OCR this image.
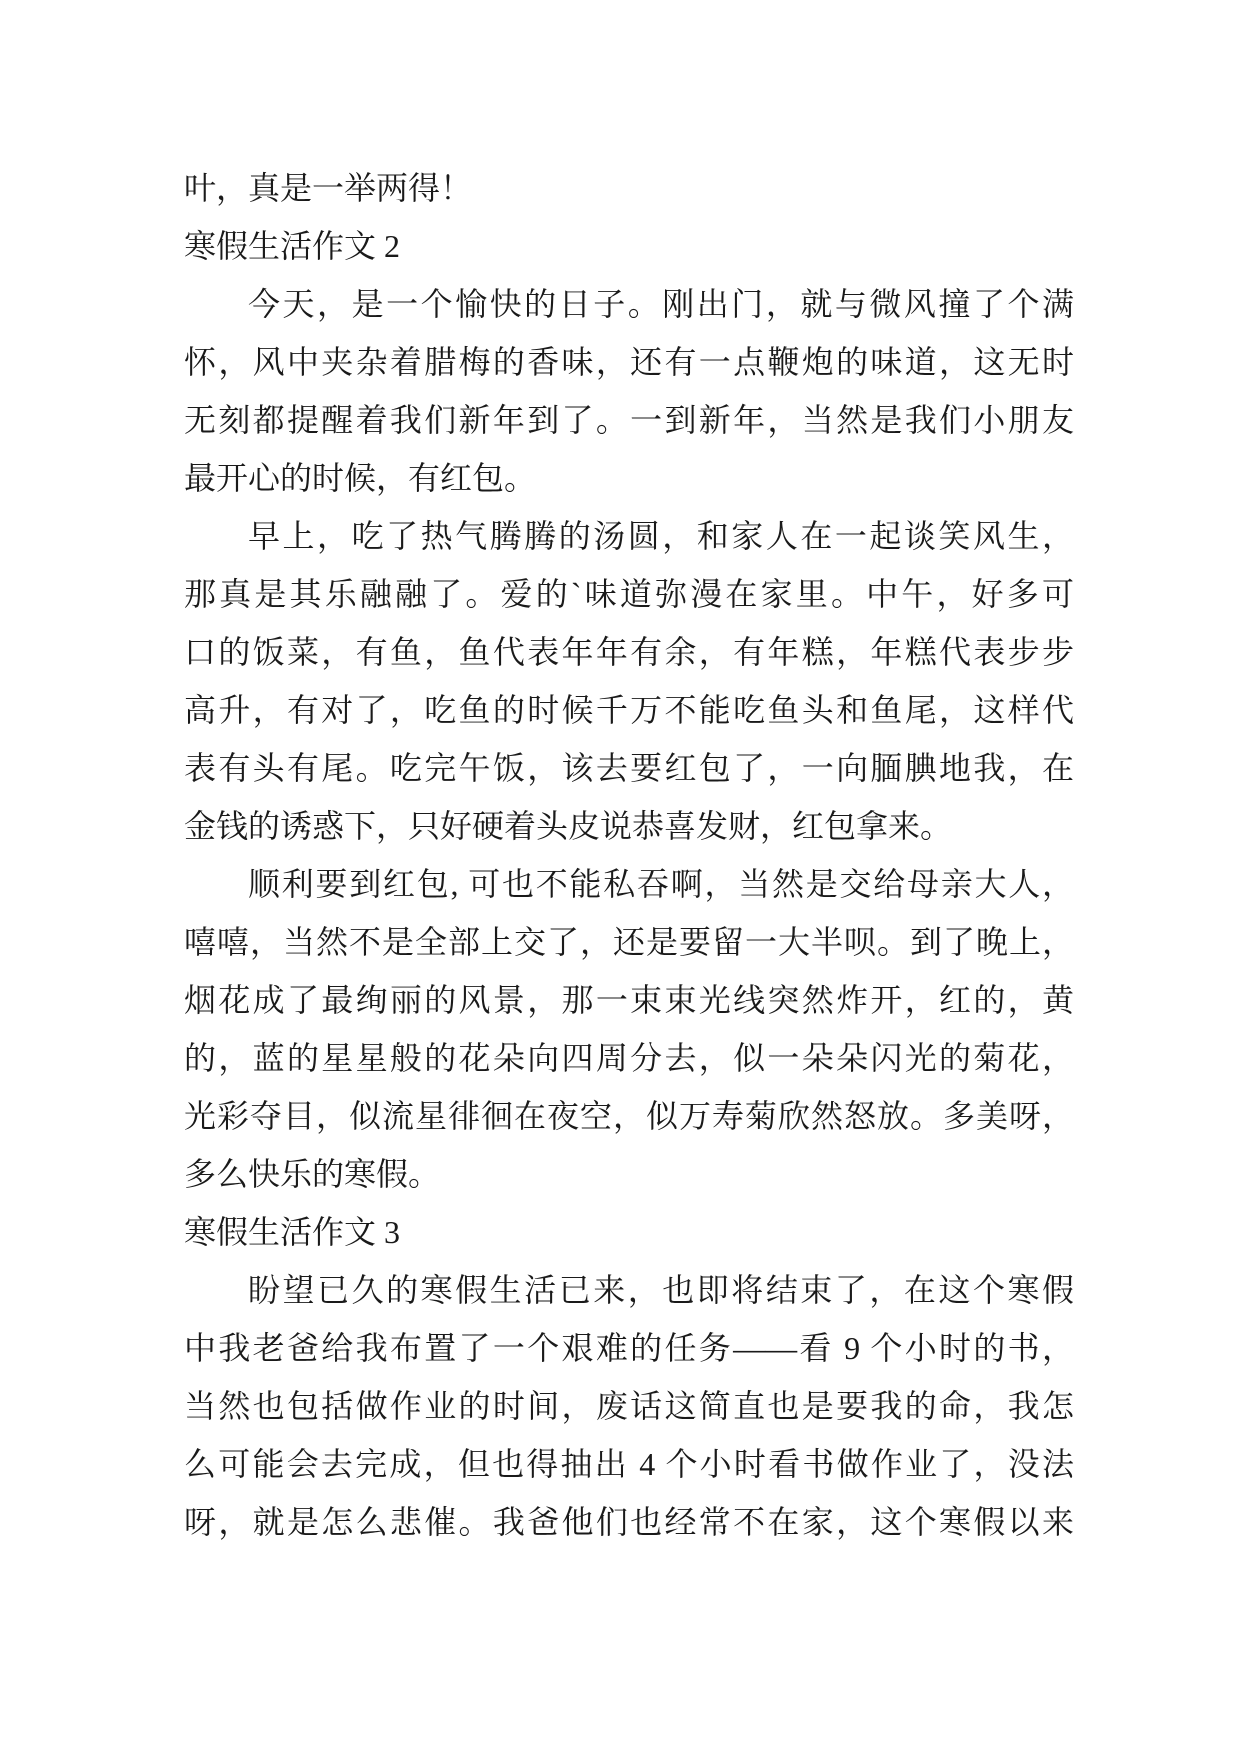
叶，真是一举两得！
寒假生活作文 2
今天，是一个愉快的日子。刚出门，就与微风撞了个满
怀，风中夹杂着腊梅的香味，还有一点鞭炮的味道，这无时
无刻都提醒着我们新年到了。一到新年，当然是我们小朋友
最开心的时候，有红包。
早上，吃了热气腾腾的汤圆，和家人在一起谈笑风生，
那真是其乐融融了。爱的`味道弥漫在家里。中午，好多可
口的饭菜，有鱼，鱼代表年年有余，有年糕，年糕代表步步
高升，有对了，吃鱼的时候千万不能吃鱼头和鱼尾，这样代
表有头有尾。吃完午饭，该去要红包了，一向腼腆地我，在
金钱的诱惑下，只好硬着头皮说恭喜发财，红包拿来。
顺利要到红包, 可也不能私吞啊，当然是交给母亲大人，
嘻嘻，当然不是全部上交了，还是要留一大半呗。到了晚上，
烟花成了最绚丽的风景，那一束束光线突然炸开，红的，黄
的，蓝的星星般的花朵向四周分去，似一朵朵闪光的菊花，
光彩夺目，似流星徘徊在夜空，似万寿菊欣然怒放。多美呀，
多么快乐的寒假。
寒假生活作文 3
盼望已久的寒假生活已来，也即将结束了，在这个寒假
中我老爸给我布置了一个艰难的任务——看 9 个小时的书，
当然也包括做作业的时间，废话这简直也是要我的命，我怎
么可能会去完成，但也得抽出 4 个小时看书做作业了，没法
呀，就是怎么悲催。我爸他们也经常不在家，这个寒假以来
